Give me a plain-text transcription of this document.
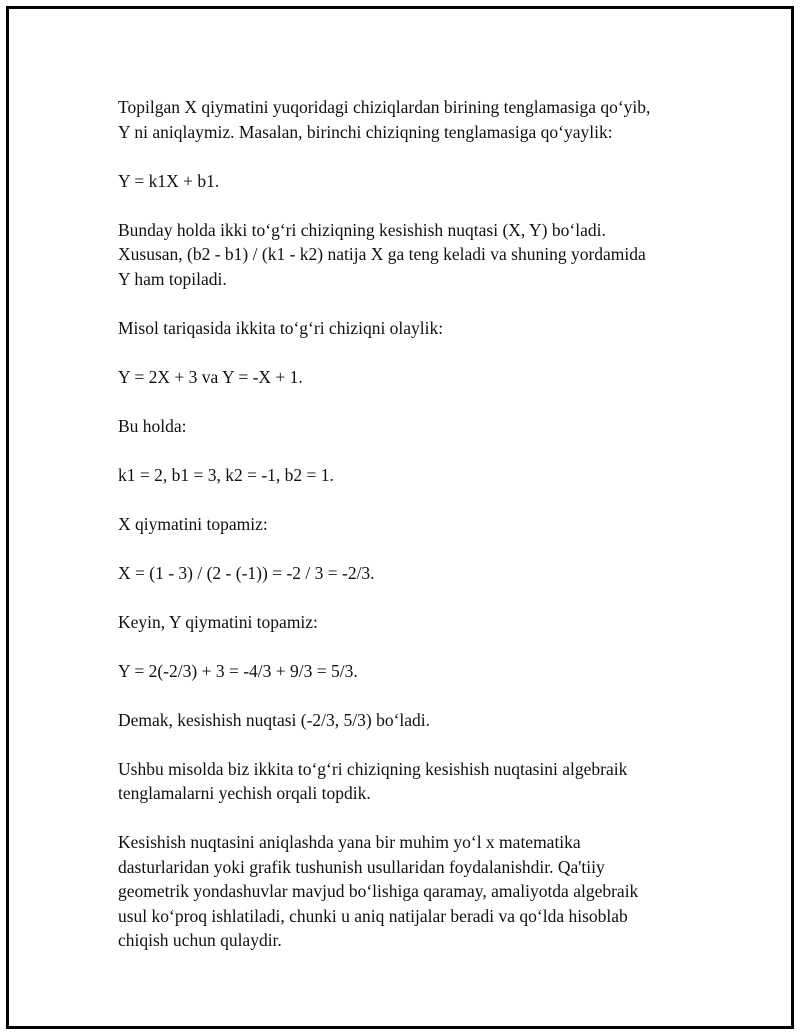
Topilgan X qiymatini yuqoridagi chiziqlardan birining tenglamasiga qo‘yib,
Y ni aniqlaymiz. Masalan, birinchi chiziqning tenglamasiga qo‘yaylik:

Y = k1X + b1.

Bunday holda ikki to‘g‘ri chiziqning kesishish nuqtasi (X, Y) bo‘ladi.
Xususan, (b2 - b1) / (k1 - k2) natija X ga teng keladi va shuning yordamida
Y ham topiladi.

Misol tariqasida ikkita to‘g‘ri chiziqni olaylik:

Y = 2X + 3 va Y = -X + 1.

Bu holda:

k1 = 2, b1 = 3, k2 = -1, b2 = 1.

X qiymatini topamiz:

X = (1 - 3) / (2 - (-1)) = -2 / 3 = -2/3.

Keyin, Y qiymatini topamiz:

Y = 2(-2/3) + 3 = -4/3 + 9/3 = 5/3.

Demak, kesishish nuqtasi (-2/3, 5/3) bo‘ladi.

Ushbu misolda biz ikkita to‘g‘ri chiziqning kesishish nuqtasini algebraik
tenglamalarni yechish orqali topdik.

Kesishish nuqtasini aniqlashda yana bir muhim yo‘l x matematika
dasturlaridan yoki grafik tushunish usullaridan foydalanishdir. Qa'tiiy
geometrik yondashuvlar mavjud bo‘lishiga qaramay, amaliyotda algebraik
usul ko‘proq ishlatiladi, chunki u aniq natijalar beradi va qo‘lda hisoblab
chiqish uchun qulaydir.
